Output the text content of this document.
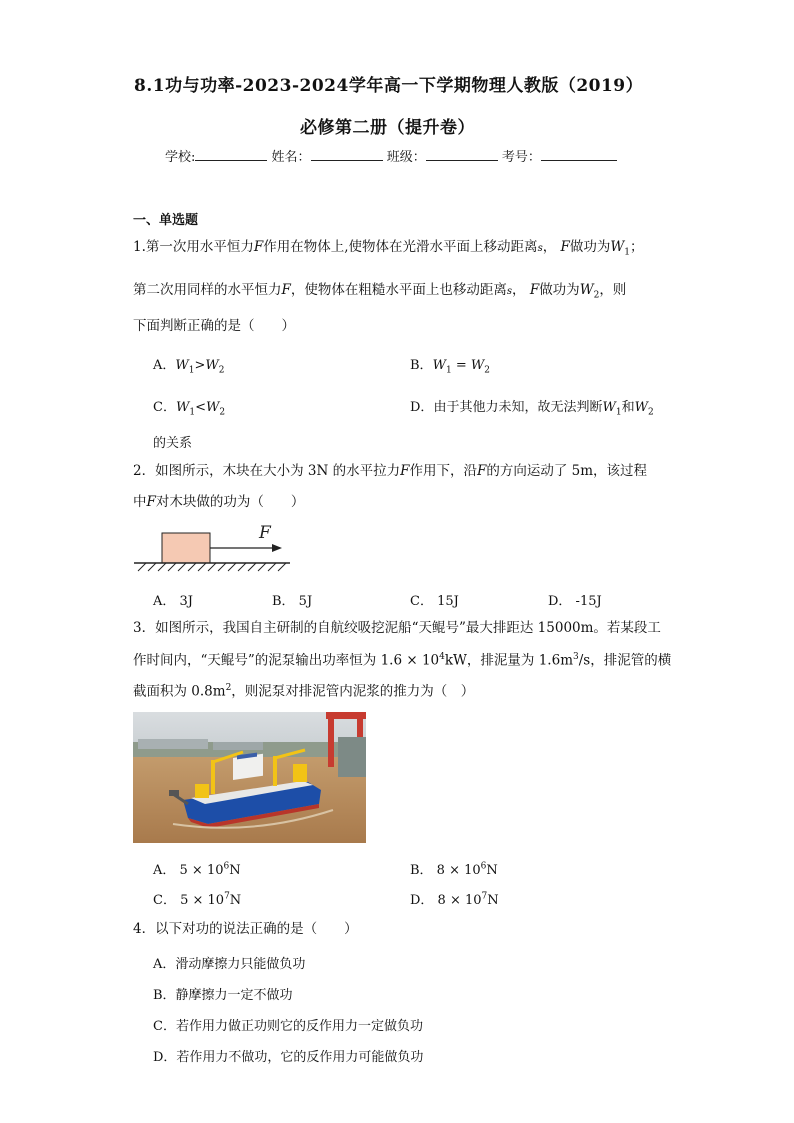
8.1功与功率-2023-2024学年高一下学期物理人教版（2019）
必修第二册（提升卷）
学校:	姓名：	班级：	考号：
一、单选题
1.第一次用水平恒力F作用在物体上,使物体在光滑水平面上移动距离s， F做功为$W_1$；
第二次用同样的水平恒力F，使物体在粗糙水平面上也移动距离s， F做功为$W_2$，则
下面判断正确的是（　　）
A．$W_1>W_2$	B．$W_1 = W_2$
C．$W_1<W_2$	D．由于其他力未知，故无法判断$W_1$和$W_2$
的关系
2．如图所示，木块在大小为 3N 的水平拉力F作用下，沿F的方向运动了 5m，该过程
中F对木块做的功为（　　）
F
A． 3J	B． 5J	C． 15J	D． -15J
3．如图所示，我国自主研制的自航绞吸挖泥船“天鲲号”最大排距达 15000m。若某段工
作时间内，“天鲲号”的泥泵输出功率恒为 $1.6 \times 10^4kW$，排泥量为 $1.6m^3/s$，排泥管的横
截面积为 $0.8m^2$，则泥泵对排泥管内泥浆的推力为（　）
A． $5 \times 10^6N$	B． $8 \times 10^6N$
C． $5 \times 10^7N$	D． $8 \times 10^7N$
4．以下对功的说法正确的是（　　）
A．滑动摩擦力只能做负功
B．静摩擦力一定不做功
C．若作用力做正功则它的反作用力一定做负功
D．若作用力不做功，它的反作用力可能做负功
